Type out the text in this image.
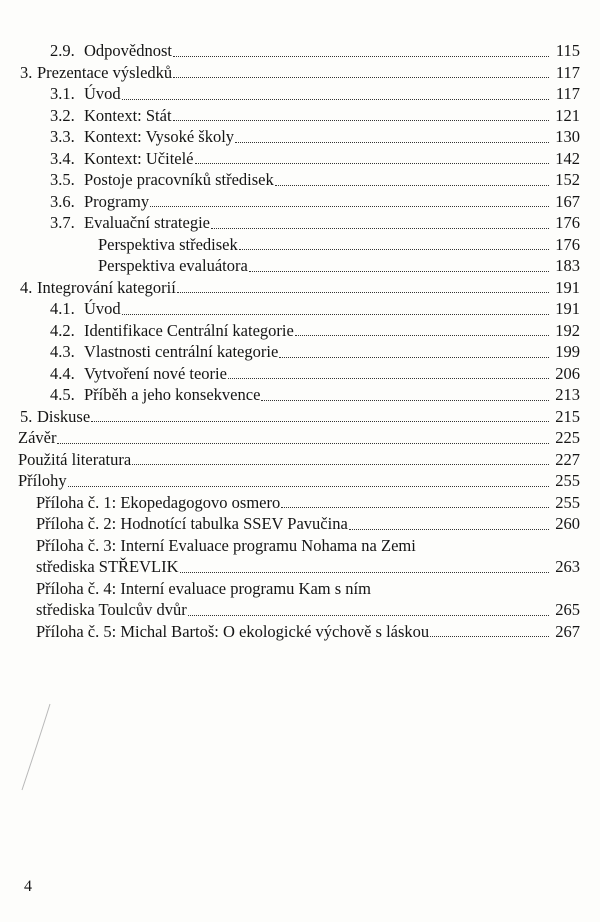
2.9. Odpovědnost	115
3. Prezentace výsledků	117
3.1. Úvod	117
3.2. Kontext: Stát	121
3.3. Kontext: Vysoké školy	130
3.4. Kontext: Učitelé	142
3.5. Postoje pracovníků středisek	152
3.6. Programy	167
3.7. Evaluační strategie	176
Perspektiva středisek	176
Perspektiva evaluátora	183
4. Integrování kategorií	191
4.1. Úvod	191
4.2. Identifikace Centrální kategorie	192
4.3. Vlastnosti centrální kategorie	199
4.4. Vytvoření nové teorie	206
4.5. Příběh a jeho konsekvence	213
5. Diskuse	215
Závěr	225
Použitá literatura	227
Přílohy	255
Příloha č. 1: Ekopedagogovo osmero	255
Příloha č. 2: Hodnotící tabulka SSEV Pavučina	260
Příloha č. 3: Interní Evaluace programu Nohama na Zemi
střediska STŘEVLIK	263
Příloha č. 4: Interní evaluace programu Kam s ním
střediska Toulcův dvůr	265
Příloha č. 5: Michal Bartoš: O ekologické výchově s láskou	267
4
